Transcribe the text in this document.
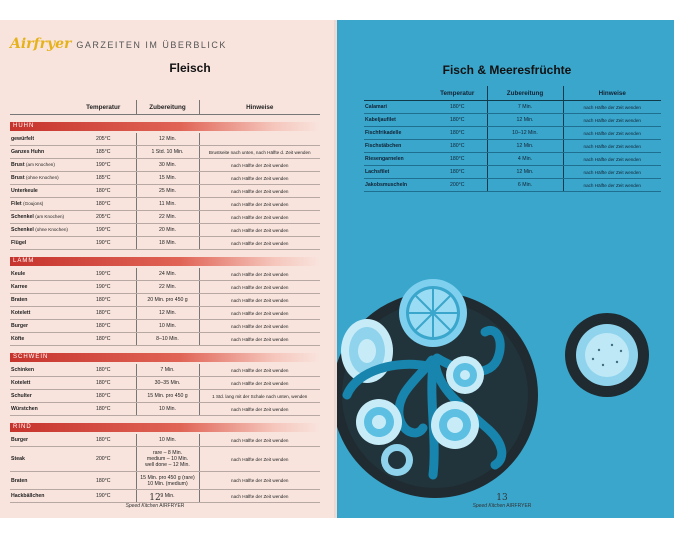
Airfryer GARZEITEN IM ÜBERBLICK
Fleisch
	Temperatur	Zubereitung	Hinweise

HUHN			

gewürfelt	205°C	12 Min.	

Ganzes Huhn	185°C	1 Std. 10 Min.	Brustseite nach unten, nach Hälfte d. Zeit wenden
Brust (am Knochen)	190°C	30 Min.	nach Hälfte der Zeit wenden
Brust (ohne Knochen)	185°C	15 Min.	nach Hälfte der Zeit wenden
Unterkeule	180°C	25 Min.	nach Hälfte der Zeit wenden
Filet (Goujons)	180°C	11 Min.	nach Hälfte der Zeit wenden
Schenkel (am Knochen)	205°C	22 Min.	nach Hälfte der Zeit wenden
Schenkel (ohne Knochen)	190°C	20 Min.	nach Hälfte der Zeit wenden
Flügel	190°C	18 Min.	nach Hälfte der Zeit wenden

LAMM			

Keule	190°C	24 Min.	nach Hälfte der Zeit wenden
Karree	190°C	22 Min.	nach Hälfte der Zeit wenden
Braten	180°C	20 Min. pro 450 g	nach Hälfte der Zeit wenden
Kotelett	180°C	12 Min.	nach Hälfte der Zeit wenden
Burger	180°C	10 Min.	nach Hälfte der Zeit wenden
Köfte	180°C	8–10 Min.	nach Hälfte der Zeit wenden

SCHWEIN			

Schinken	180°C	7 Min.	nach Hälfte der Zeit wenden
Kotelett	180°C	30–35 Min.	nach Hälfte der Zeit wenden
Schulter	180°C	15 Min. pro 450 g	1 Std. lang mit der Schale nach unten, wenden
Würstchen	180°C	10 Min.	nach Hälfte der Zeit wenden

RIND			

Burger	180°C	10 Min.	nach Hälfte der Zeit wenden
Steak	200°C	rare – 8 Min.
medium – 10 Min.
well done – 12 Min.	nach Hälfte der Zeit wenden
Braten	180°C	15 Min. pro 450 g (rare)
10 Min. (medium)	nach Hälfte der Zeit wenden
Hackbällchen	190°C	9 Min.	nach Hälfte der Zeit wenden
12
Speed Kitchen AIRFRYER
Fisch & Meeresfrüchte
	Temperatur	Zubereitung	Hinweise
Calamari	180°C	7 Min.	nach Hälfte der Zeit wenden
Kabeljaufilet	180°C	12 Min.	nach Hälfte der Zeit wenden
Fischfrikadelle	180°C	10–12 Min.	nach Hälfte der Zeit wenden
Fischstäbchen	180°C	12 Min.	nach Hälfte der Zeit wenden
Riesengarnelen	180°C	4 Min.	nach Hälfte der Zeit wenden
Lachsfilet	180°C	12 Min.	nach Hälfte der Zeit wenden
Jakobsmuscheln	200°C	6 Min.	nach Hälfte der Zeit wenden
13
Speed Kitchen AIRFRYER
